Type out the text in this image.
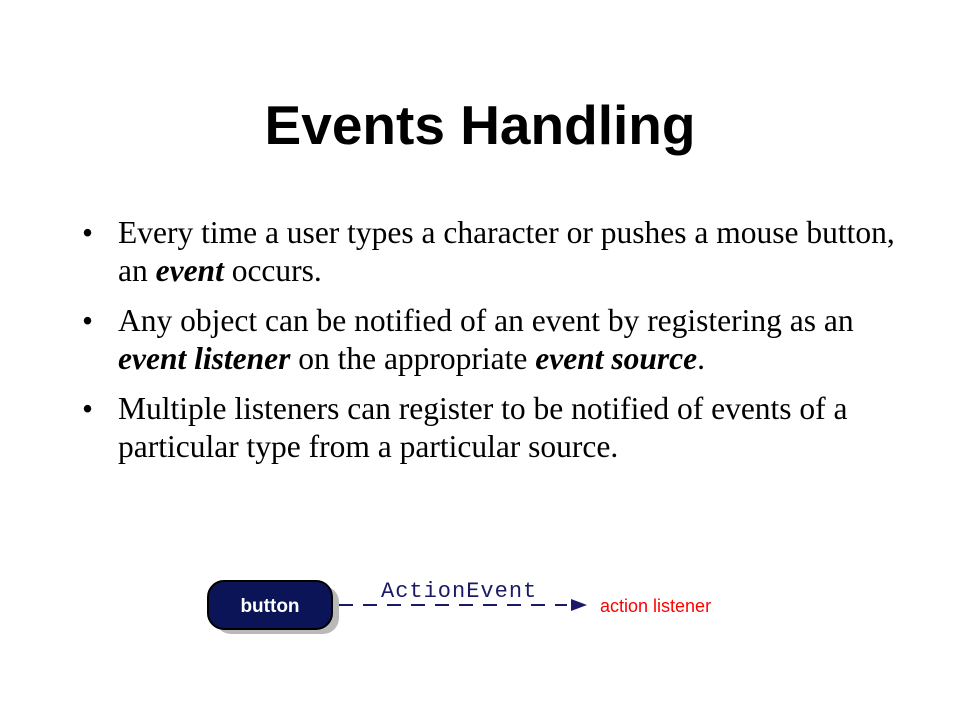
Events Handling
• Every time a user types a character or pushes a mouse button, an event occurs.
• Any object can be notified of an event by registering as an event listener on the appropriate event source.
• Multiple listeners can register to be notified of events of a particular type from a particular source.
button
ActionEvent
action listener
